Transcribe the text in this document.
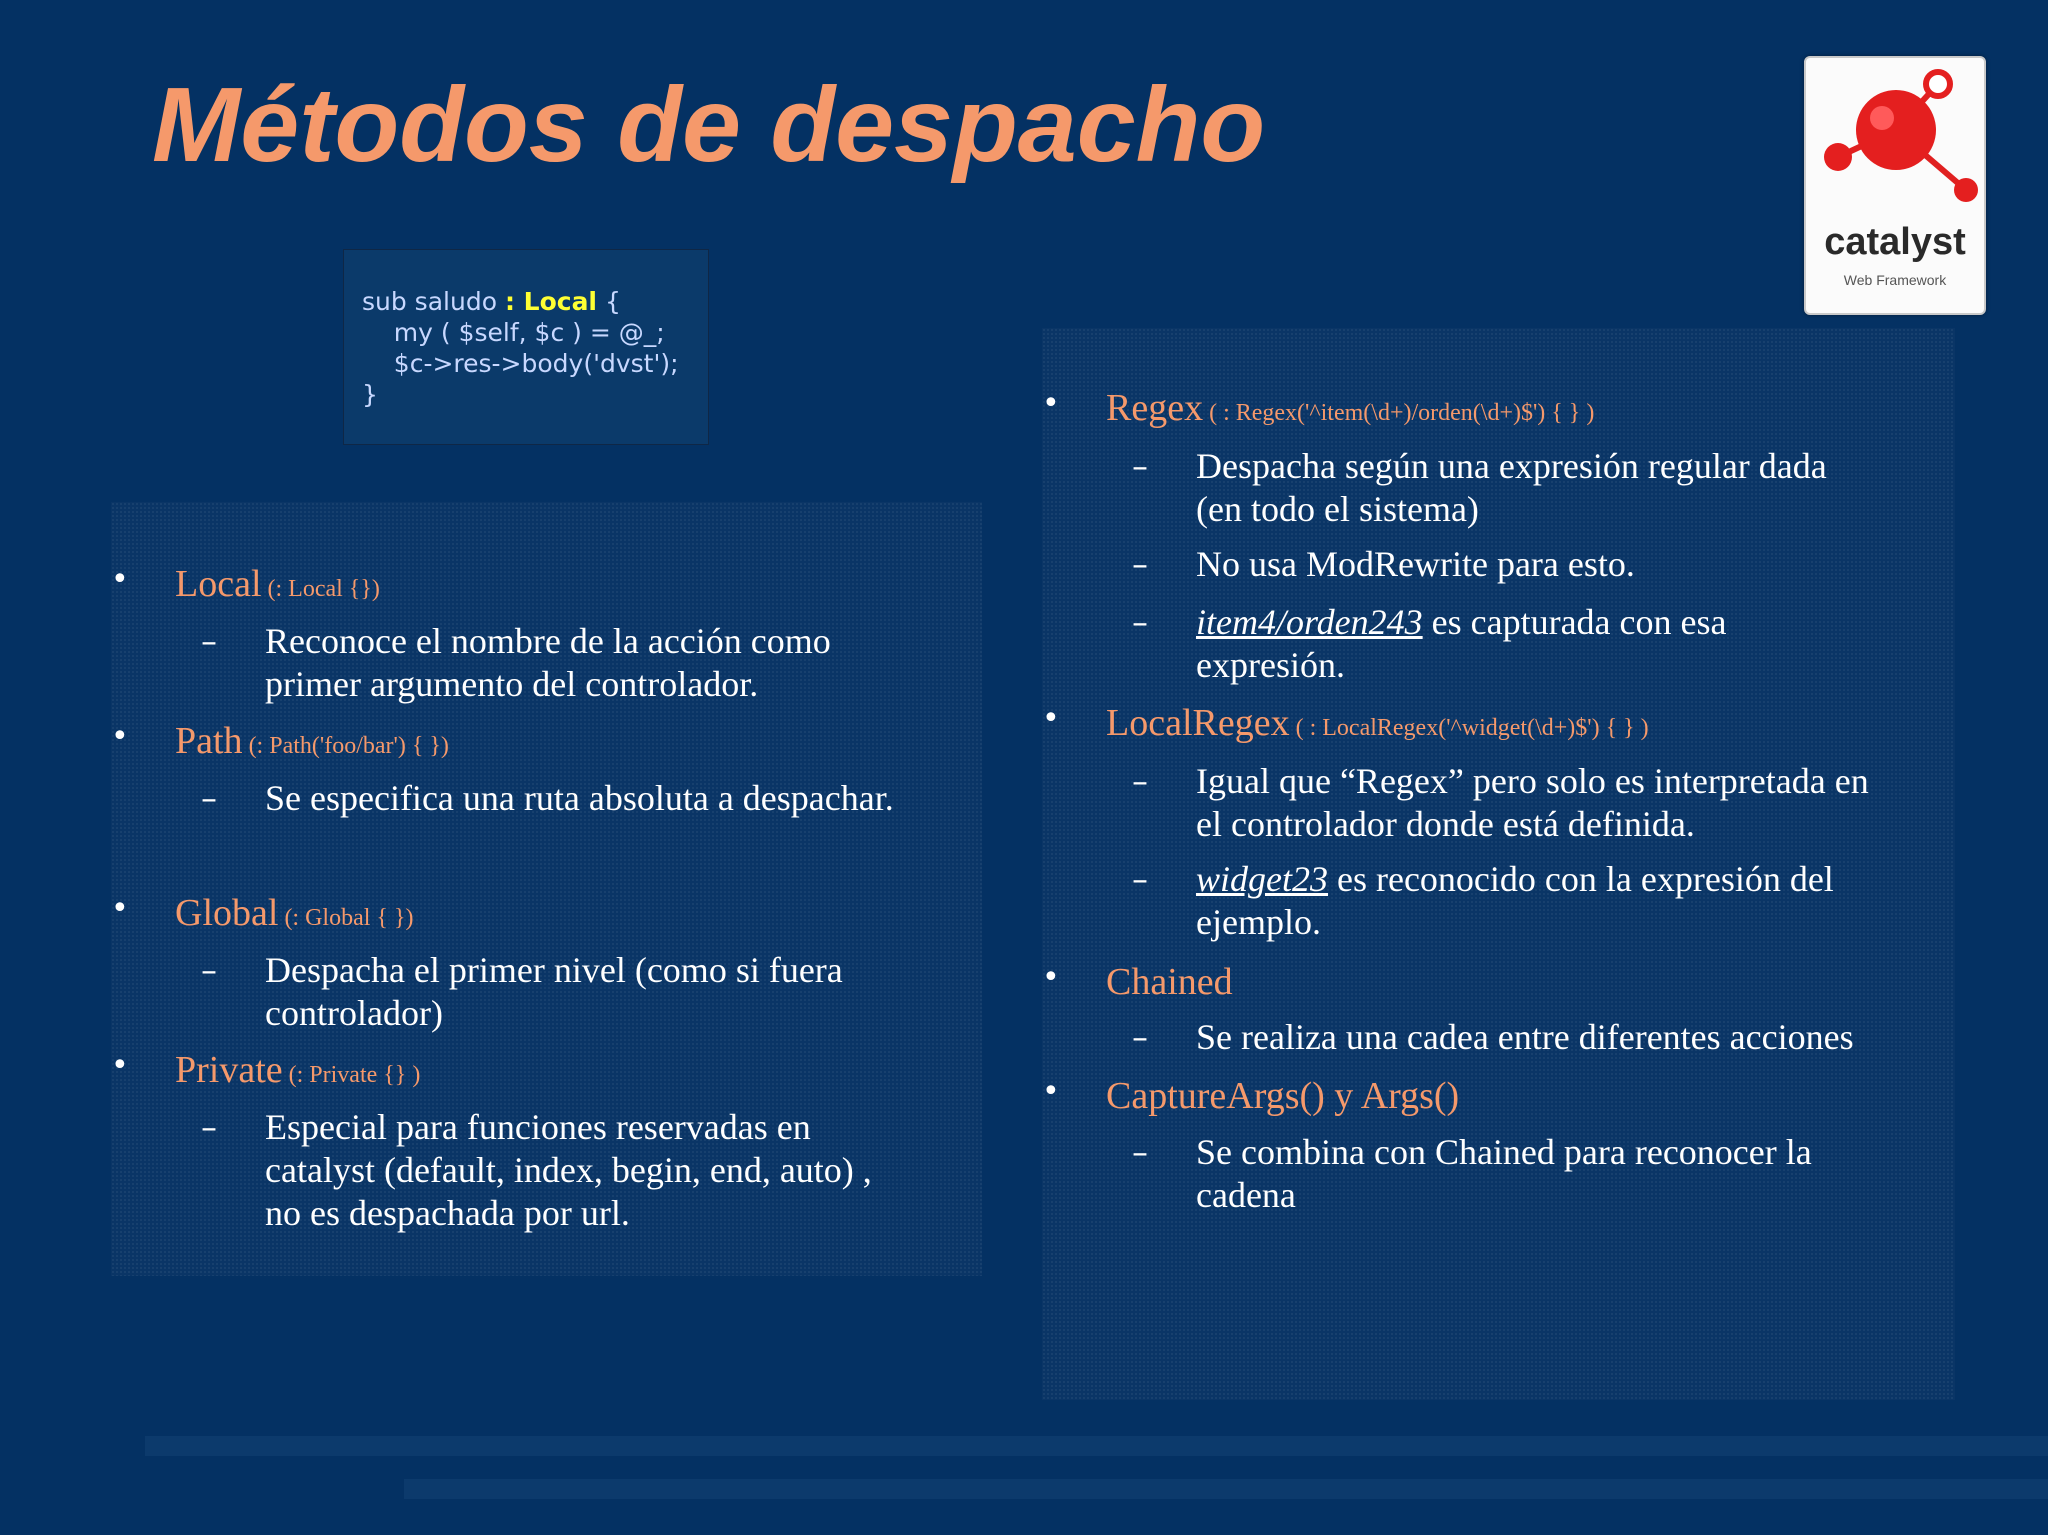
Métodos de despacho
catalyst
Web Framework
sub saludo : Local {
my ( $self, $c ) = @_;
$c->res->body('dvst');
}
• Local (: Local {})
– Reconoce el nombre de la acción como
primer argumento del controlador.
• Path (: Path('foo/bar') { })
– Se especifica una ruta absoluta a despachar.
• Global (: Global { })
– Despacha el primer nivel (como si fuera
controlador)
• Private (: Private {} )
– Especial para funciones reservadas en
catalyst (default, index, begin, end, auto) ,
no es despachada por url.
• Regex ( : Regex('^item(\d+)/orden(\d+)$') { } )
– Despacha según una expresión regular dada
(en todo el sistema)
– No usa ModRewrite para esto.
– item4/orden243 es capturada con esa
expresión.
• LocalRegex ( : LocalRegex('^widget(\d+)$') { } )
– Igual que “Regex” pero solo es interpretada en
el controlador donde está definida.
– widget23 es reconocido con la expresión del
ejemplo.
• Chained
– Se realiza una cadea entre diferentes acciones
• CaptureArgs() y Args()
– Se combina con Chained para reconocer la
cadena
